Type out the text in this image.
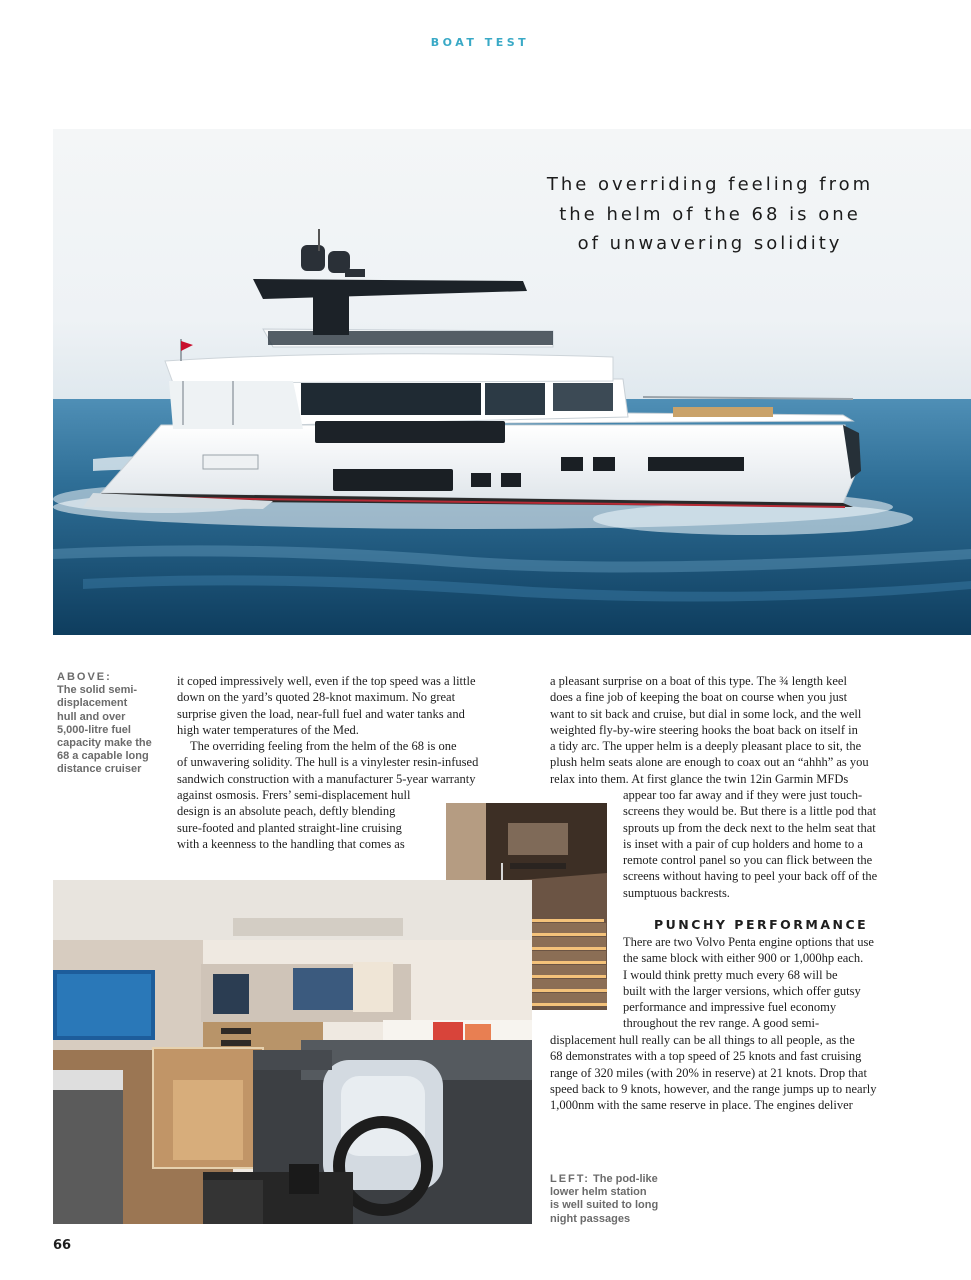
BOAT TEST
The overriding feeling from
the helm of the 68 is one
of unwavering solidity
ABOVE:
The solid semi-
displacement
hull and over
5,000-litre fuel
capacity make the
68 a capable long
distance cruiser

it coped impressively well, even if the top speed was a little

down on the yard’s quoted 28-knot maximum. No great

surprise given the load, near-full fuel and water tanks and

high water temperatures of the Med.

The overriding feeling from the helm of the 68 is one

of unwavering solidity. The hull is a vinylester resin-infused

sandwich construction with a manufacturer 5-year warranty

against osmosis. Frers’ semi-displacement hull

design is an absolute peach, deftly blending

sure-footed and planted straight-line cruising

with a keenness to the handling that comes as

a pleasant surprise on a boat of this type. The ¾ length keel

does a fine job of keeping the boat on course when you just

want to sit back and cruise, but dial in some lock, and the well

weighted fly-by-wire steering hooks the boat back on itself in

a tidy arc. The upper helm is a deeply pleasant place to sit, the

plush helm seats alone are enough to coax out an “ahhh” as you

relax into them. At first glance the twin 12in Garmin MFDs

appear too far away and if they were just touch-

screens they would be. But there is a little pod that

sprouts up from the deck next to the helm seat that

is inset with a pair of cup holders and home to a

remote control panel so you can flick between the

screens without having to peel your back off of the

sumptuous backrests.

PUNCHY PERFORMANCE

There are two Volvo Penta engine options that use

the same block with either 900 or 1,000hp each.

I would think pretty much every 68 will be

built with the larger versions, which offer gutsy

performance and impressive fuel economy

throughout the rev range. A good semi-

displacement hull really can be all things to all people, as the

68 demonstrates with a top speed of 25 knots and fast cruising

range of 320 miles (with 20% in reserve) at 21 knots. Drop that

speed back to 9 knots, however, and the range jumps up to nearly

1,000nm with the same reserve in place. The engines deliver

LEFT: The pod-like
lower helm station
is well suited to long
night passages
66
